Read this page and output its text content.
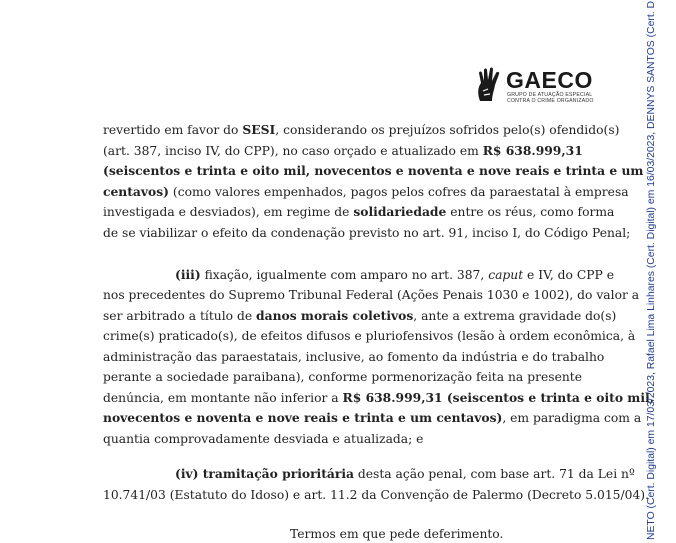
GAECO
GRUPO DE ATUAÇÃO ESPECIAL
CONTRA O CRIME ORGANIZADO
revertido em favor do SESI, considerando os prejuízos sofridos pelo(s) ofendido(s)
(art. 387, inciso IV, do CPP), no caso orçado e atualizado em R$ 638.999,31
(seiscentos e trinta e oito mil, novecentos e noventa e nove reais e trinta e um
centavos) (como valores empenhados, pagos pelos cofres da paraestatal à empresa
investigada e desviados), em regime de solidariedade entre os réus, como forma
de se viabilizar o efeito da condenação previsto no art. 91, inciso I, do Código Penal;
(iii) fixação, igualmente com amparo no art. 387, caput e IV, do CPP e
nos precedentes do Supremo Tribunal Federal (Ações Penais 1030 e 1002), do valor a
ser arbitrado a título de danos morais coletivos, ante a extrema gravidade do(s)
crime(s) praticado(s), de efeitos difusos e pluriofensivos (lesão à ordem econômica, à
administração das paraestatais, inclusive, ao fomento da indústria e do trabalho
perante a sociedade paraibana), conforme pormenorização feita na presente
denúncia, em montante não inferior a R$ 638.999,31 (seiscentos e trinta e oito mil,
novecentos e noventa e nove reais e trinta e um centavos), em paradigma com a
quantia comprovadamente desviada e atualizada; e
(iv) tramitação prioritária desta ação penal, com base art. 71 da Lei nº
10.741/03 (Estatuto do Idoso) e art. 11.2 da Convenção de Palermo (Decreto 5.015/04).
Termos em que pede deferimento.	NETO (Cert. Digital) em 17/03/2023, Rafael Lima Linhares (Cert. Digital) em 16/03/2023, DENNYS SANTOS (Cert. D
